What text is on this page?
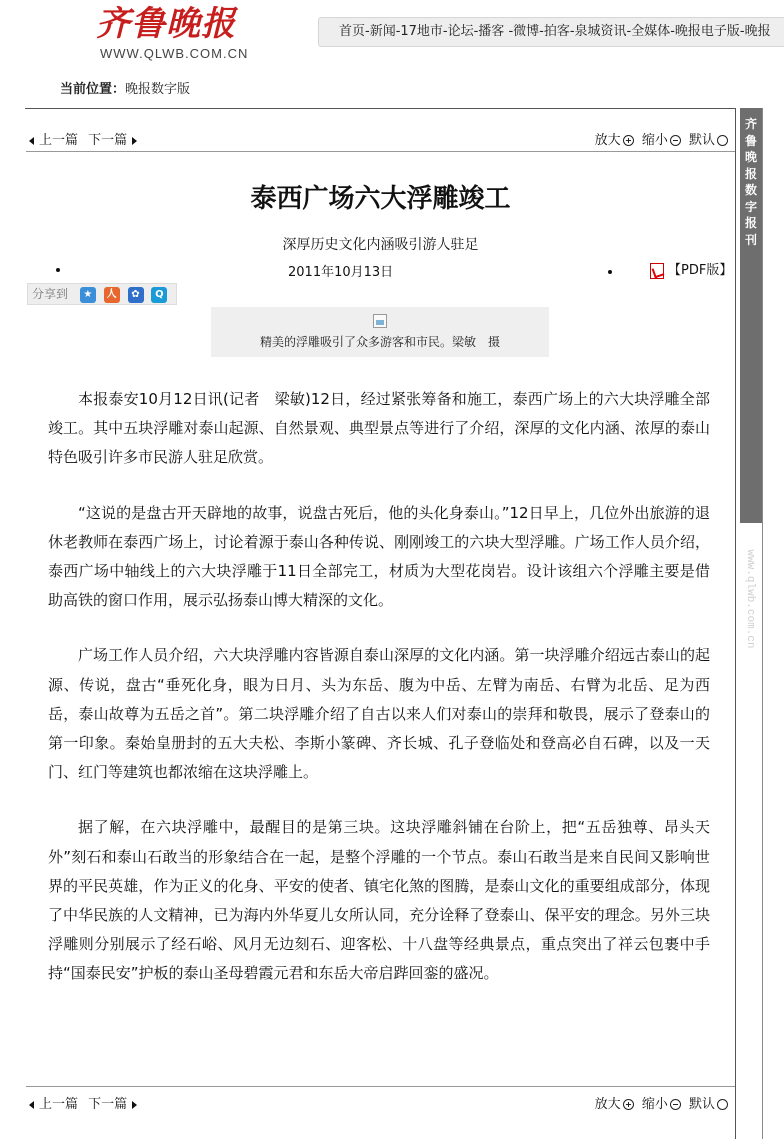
齐鲁晚报
WWW.QLWB.COM.CN
首页-新闻-17地市-论坛-播客 -微博-拍客-泉城资讯-全媒体-晚报电子版-晚报
当前位置：晚报数字版
齐鲁晚报数字报刊
www.qlwb.com.cn
上一篇 下一篇	放大 缩小 默认
泰西广场六大浮雕竣工
深厚历史文化内涵吸引游人驻足
2011年10月13日	【PDF版】
分享到 ★ 人 ✿ Q
精美的浮雕吸引了众多游客和市民。梁敏　摄

本报泰安10月12日讯(记者　梁敏)12日，经过紧张筹备和施工，泰西广场上的六大块浮雕全部竣工。其中五块浮雕对泰山起源、自然景观、典型景点等进行了介绍，深厚的文化内涵、浓厚的泰山特色吸引许多市民游人驻足欣赏。

“这说的是盘古开天辟地的故事，说盘古死后，他的头化身泰山。”12日早上，几位外出旅游的退休老教师在泰西广场上，讨论着源于泰山各种传说、刚刚竣工的六块大型浮雕。广场工作人员介绍，泰西广场中轴线上的六大块浮雕于11日全部完工，材质为大型花岗岩。设计该组六个浮雕主要是借助高铁的窗口作用，展示弘扬泰山博大精深的文化。

广场工作人员介绍，六大块浮雕内容皆源自泰山深厚的文化内涵。第一块浮雕介绍远古泰山的起源、传说，盘古“垂死化身，眼为日月、头为东岳、腹为中岳、左臂为南岳、右臂为北岳、足为西岳，泰山故尊为五岳之首”。第二块浮雕介绍了自古以来人们对泰山的崇拜和敬畏，展示了登泰山的第一印象。秦始皇册封的五大夫松、李斯小篆碑、齐长城、孔子登临处和登高必自石碑，以及一天门、红门等建筑也都浓缩在这块浮雕上。

据了解，在六块浮雕中，最醒目的是第三块。这块浮雕斜铺在台阶上，把“五岳独尊、昂头天外”刻石和泰山石敢当的形象结合在一起，是整个浮雕的一个节点。泰山石敢当是来自民间又影响世界的平民英雄，作为正义的化身、平安的使者、镇宅化煞的图腾，是泰山文化的重要组成部分，体现了中华民族的人文精神，已为海内外华夏儿女所认同，充分诠释了登泰山、保平安的理念。另外三块浮雕则分别展示了经石峪、风月无边刻石、迎客松、十八盘等经典景点，重点突出了祥云包裹中手持“国泰民安”护板的泰山圣母碧霞元君和东岳大帝启跸回銮的盛况。

上一篇 下一篇	放大 缩小 默认
